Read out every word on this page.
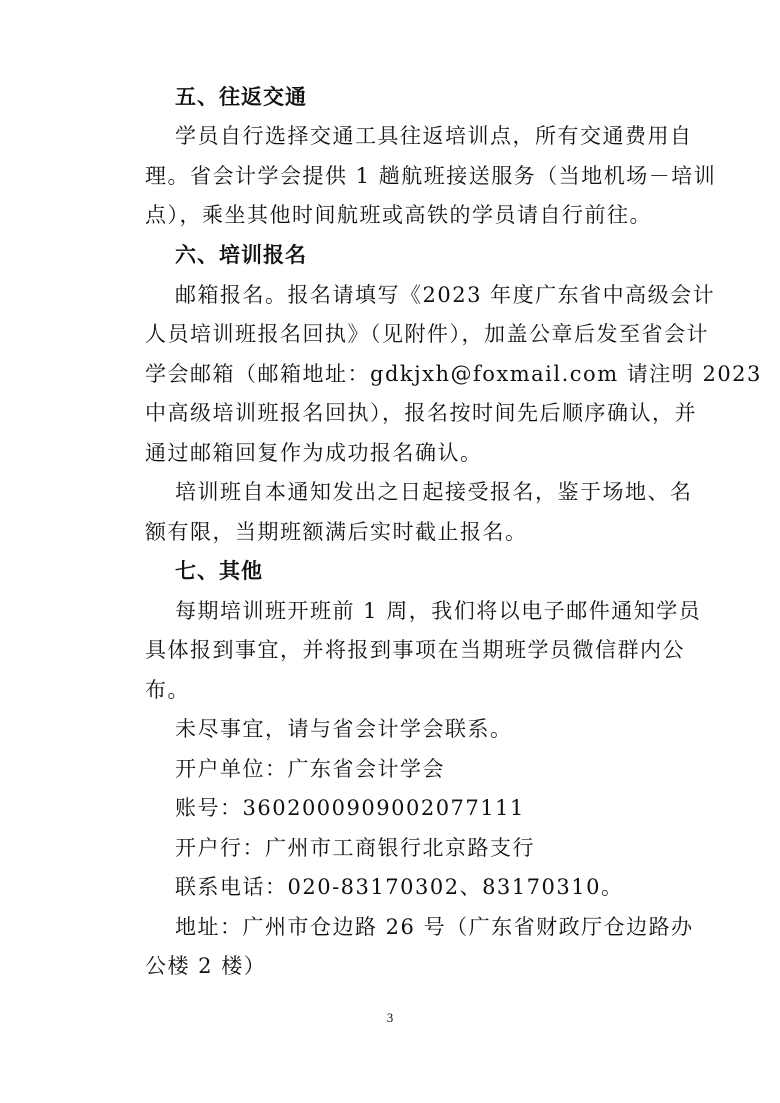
五、往返交通
学员自行选择交通工具往返培训点，所有交通费用自
理。省会计学会提供 1 趟航班接送服务（当地机场－培训
点），乘坐其他时间航班或高铁的学员请自行前往。
六、培训报名
邮箱报名。报名请填写《2023 年度广东省中高级会计
人员培训班报名回执》（见附件），加盖公章后发至省会计
学会邮箱（邮箱地址：gdkjxh@foxmail.com 请注明 2023
中高级培训班报名回执），报名按时间先后顺序确认，并
通过邮箱回复作为成功报名确认。
培训班自本通知发出之日起接受报名，鉴于场地、名
额有限，当期班额满后实时截止报名。
七、其他
每期培训班开班前 1 周，我们将以电子邮件通知学员
具体报到事宜，并将报到事项在当期班学员微信群内公
布。
未尽事宜，请与省会计学会联系。
开户单位：广东省会计学会
账号：3602000909002077111
开户行：广州市工商银行北京路支行
联系电话：020-83170302、83170310。
地址：广州市仓边路 26 号（广东省财政厅仓边路办
公楼 2 楼）
3
